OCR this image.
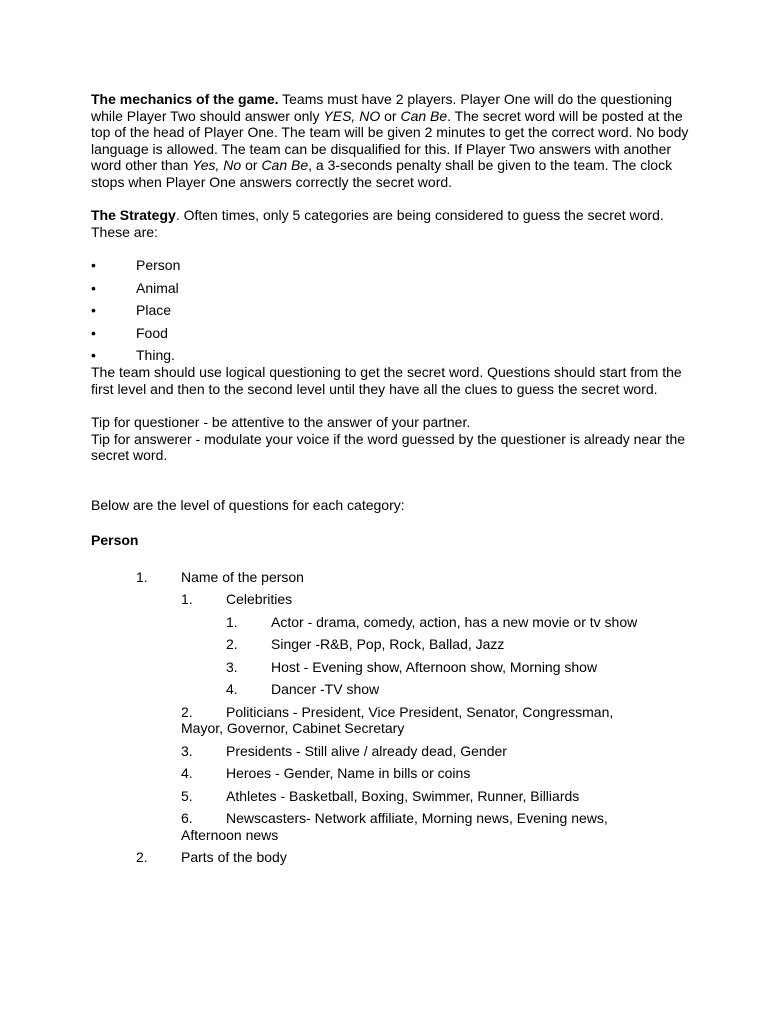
The mechanics of the game. Teams must have 2 players. Player One will do the questioning while Player Two should answer only YES, NO or Can Be. The secret word will be posted at the top of the head of Player One. The team will be given 2 minutes to get the correct word. No body language is allowed. The team can be disqualified for this. If Player Two answers with another word other than Yes, No or Can Be, a 3-seconds penalty shall be given to the team. The clock stops when Player One answers correctly the secret word.

The Strategy. Often times, only 5 categories are being considered to guess the secret word. These are:

•	Person
•	Animal
•	Place
•	Food
•	Thing.

The team should use logical questioning to get the secret word. Questions should start from the first level and then to the second level until they have all the clues to guess the secret word.

Tip for questioner - be attentive to the answer of your partner.

Tip for answerer - modulate your voice if the word guessed by the questioner is already near the secret word.

Below are the level of questions for each category:

Person

1. Name of the person
1. Celebrities
1. Actor - drama, comedy, action, has a new movie or tv show
2. Singer -R&B, Pop, Rock, Ballad, Jazz
3. Host - Evening show, Afternoon show, Morning show
4. Dancer -TV show
2. Politicians - President, Vice President, Senator, Congressman, Mayor, Governor, Cabinet Secretary
3. Presidents - Still alive / already dead, Gender
4. Heroes - Gender, Name in bills or coins
5. Athletes - Basketball, Boxing, Swimmer, Runner, Billiards
6. Newscasters- Network affiliate, Morning news, Evening news, Afternoon news
2. Parts of the body
